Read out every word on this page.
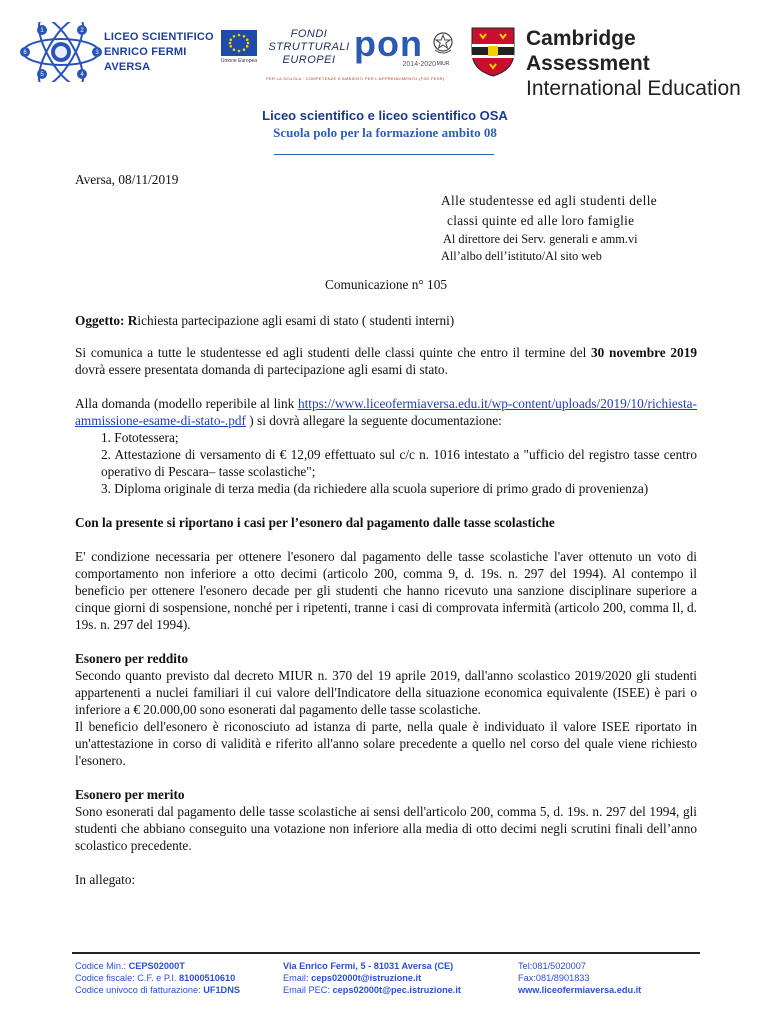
1	2
6	3
5	4
LICEO SCIENTIFICO
ENRICO FERMI
AVERSA	Unione Europea
FONDI
STRUTTURALI
EUROPEI pon
2014-2020
PER LA SCUOLA · COMPETENZE E AMBIENTI PER L'APPRENDIMENTO (FSE-FESR)
MIUR
Cambridge Assessment
International Education
Liceo scientifico e liceo scientifico OSA
Scuola polo per la formazione ambito 08
Aversa, 08/11/2019
Alle studentesse ed agli studenti delle
classi quinte ed alle loro famiglie
Al direttore dei Serv. generali e amm.vi
All’albo dell’istituto/Al sito web
Comunicazione n° 105

Oggetto: Richiesta partecipazione agli esami di stato ( studenti interni)

Si comunica a tutte le studentesse ed agli studenti delle classi quinte che entro il termine del 30 novembre 2019 dovrà essere presentata domanda di partecipazione agli esami di stato.

Alla domanda (modello reperibile al link https://www.liceofermiaversa.edu.it/wp-content/uploads/2019/10/richiesta-ammissione-esame-di-stato-.pdf ) si dovrà allegare la seguente documentazione:

1. Fototessera;

2. Attestazione di versamento di € 12,09 effettuato sul c/c n. 1016 intestato a "ufficio del registro tasse centro operativo di Pescara– tasse scolastiche";

3. Diploma originale di terza media (da richiedere alla scuola superiore di primo grado di provenienza)

Con la presente si riportano i casi per l’esonero dal pagamento dalle tasse scolastiche

E' condizione necessaria per ottenere l'esonero dal pagamento delle tasse scolastiche l'aver ottenuto un voto di comportamento non inferiore a otto decimi (articolo 200, comma 9, d. 19s. n. 297 del 1994). Al contempo il beneficio per ottenere l'esonero decade per gli studenti che hanno ricevuto una sanzione disciplinare superiore a cinque giorni di sospensione, nonché per i ripetenti, tranne i casi di comprovata infermità (articolo 200, comma Il, d. 19s. n. 297 del 1994).

Esonero per reddito

Secondo quanto previsto dal decreto MIUR n. 370 del 19 aprile 2019, dall'anno scolastico 2019/2020 gli studenti appartenenti a nuclei familiari il cui valore dell'Indicatore della situazione economica equivalente (ISEE) è pari o inferiore a € 20.000,00 sono esonerati dal pagamento delle tasse scolastiche.

Il beneficio dell'esonero è riconosciuto ad istanza di parte, nella quale è individuato il valore ISEE riportato in un'attestazione in corso di validità e riferito all'anno solare precedente a quello nel corso del quale viene richiesto l'esonero.

Esonero per merito

Sono esonerati dal pagamento delle tasse scolastiche ai sensi dell'articolo 200, comma 5, d. 19s. n. 297 del 1994, gli studenti che abbiano conseguito una votazione non inferiore alla media di otto decimi negli scrutini finali dell’anno scolastico precedente.

In allegato:

Codice Min.: CEPS02000T
Codice fiscale: C.F. e P.I. 81000510610
Codice univoco di fatturazione: UF1DNS
Via Enrico Fermi, 5 - 81031 Aversa (CE)
Email: ceps02000t@istruzione.it
Email PEC: ceps02000t@pec.istruzione.it
Tel:081/5020007
Fax:081/8901833
www.liceofermiaversa.edu.it
